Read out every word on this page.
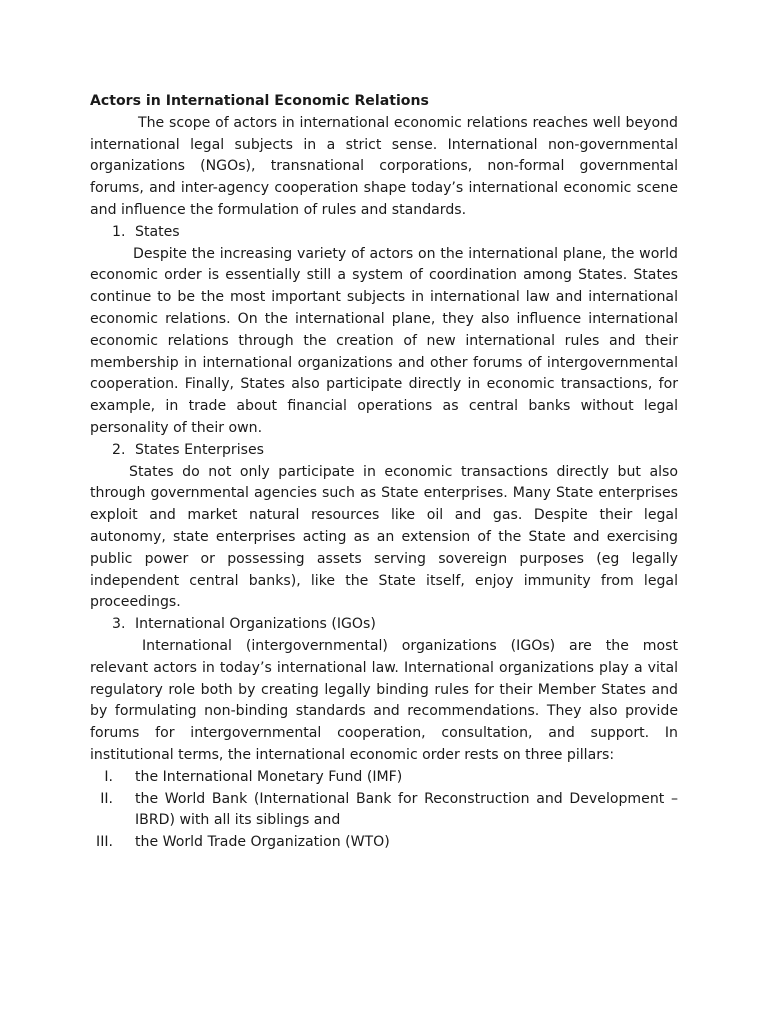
Actors in International Economic Relations

The scope of actors in international economic relations reaches well beyond international legal subjects in a strict sense. International non-governmental organizations (NGOs), transnational corporations, non-formal governmental forums, and inter-agency cooperation shape today’s international economic scene and influence the formulation of rules and standards.

1. States

Despite the increasing variety of actors on the international plane, the world economic order is essentially still a system of coordination among States. States continue to be the most important subjects in international law and international economic relations. On the international plane, they also influence international economic relations through the creation of new international rules and their membership in international organizations and other forums of intergovernmental cooperation. Finally, States also participate directly in economic transactions, for example, in trade about financial operations as central banks without legal personality of their own.

2. States Enterprises

States do not only participate in economic transactions directly but also through governmental agencies such as State enterprises. Many State enterprises exploit and market natural resources like oil and gas. Despite their legal autonomy, state enterprises acting as an extension of the State and exercising public power or possessing assets serving sovereign purposes (eg legally independent central banks), like the State itself, enjoy immunity from legal proceedings.

3. International Organizations (IGOs)

International (intergovernmental) organizations (IGOs) are the most relevant actors in today’s international law. International organizations play a vital regulatory role both by creating legally binding rules for their Member States and by formulating non-binding standards and recommendations. They also provide forums for intergovernmental cooperation, consultation, and support. In institutional terms, the international economic order rests on three pillars:

I. the International Monetary Fund (IMF)
II. the World Bank (International Bank for Reconstruction and Development – IBRD) with all its siblings and
III. the World Trade Organization (WTO)
